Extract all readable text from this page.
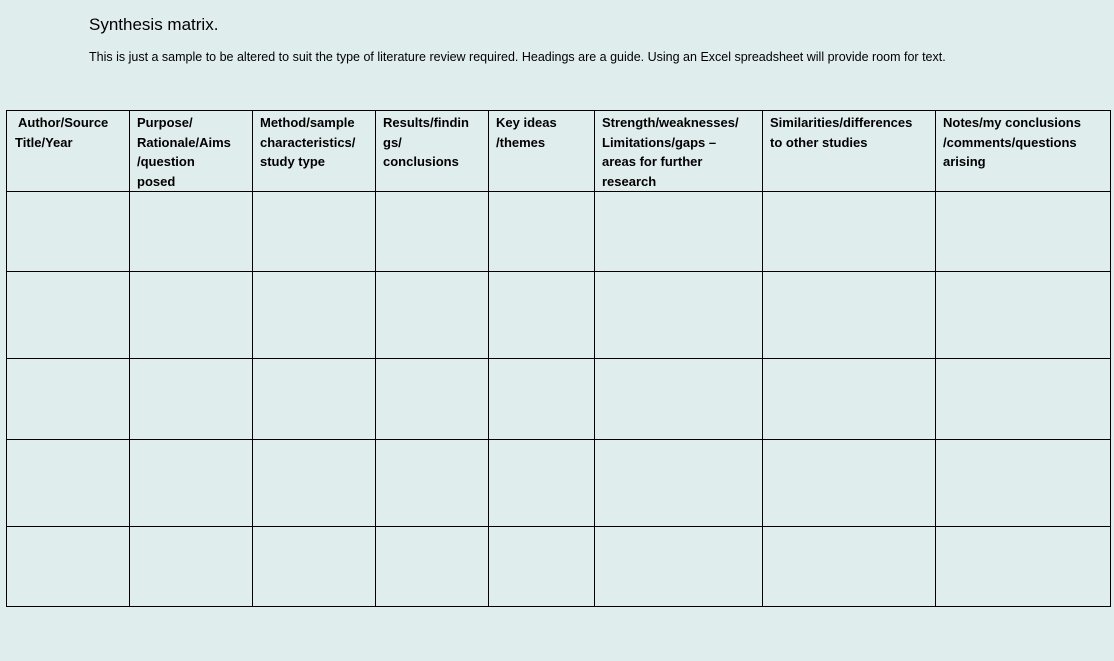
Synthesis matrix.
This is just a sample to be altered to suit the type of literature review required. Headings are a guide. Using an Excel spreadsheet will provide room for text.
Author/Source
Title/Year	Purpose/
Rationale/Aims
/question
posed	Method/sample
characteristics/
study type	Results/findin
gs/
conclusions	Key ideas
/themes	Strength/weaknesses/
Limitations/gaps –
areas for further
research	Similarities/differences
to other studies	Notes/my conclusions
/comments/questions
arising
